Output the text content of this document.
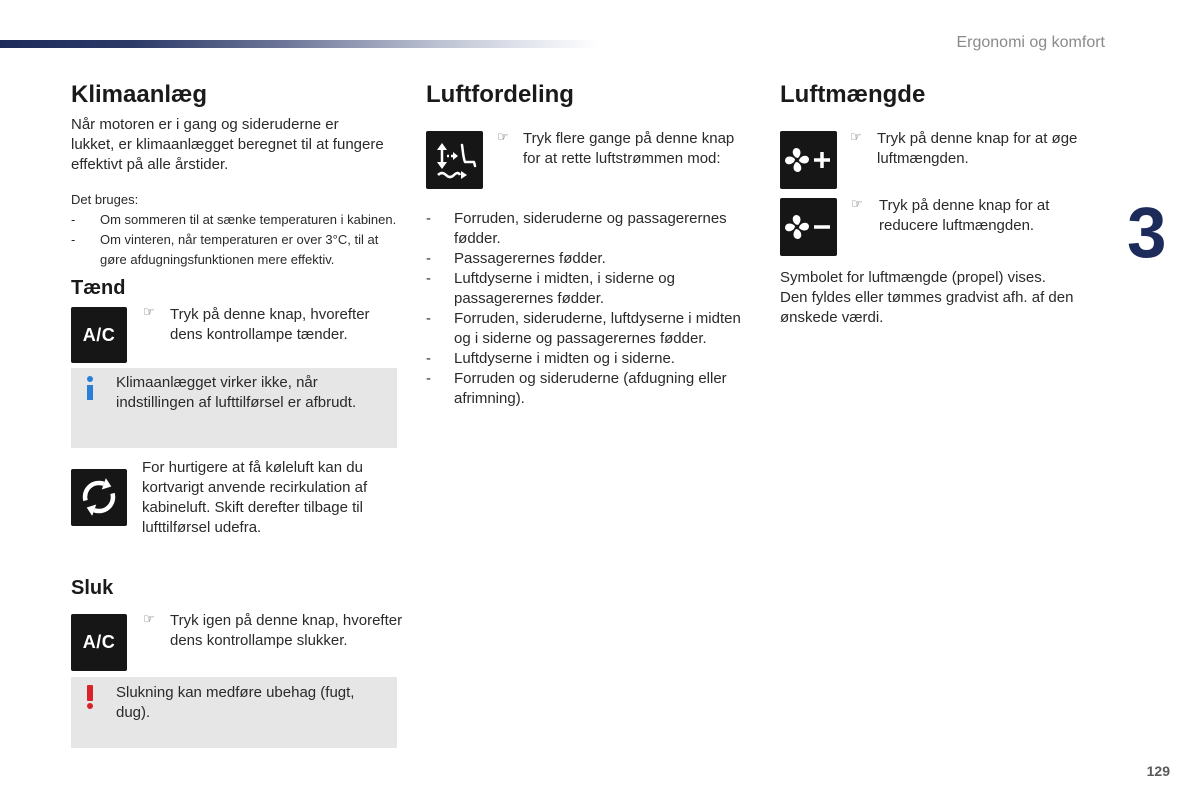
Ergonomi og komfort
3
129
Klimaanlæg
Når motoren er i gang og sideruderne er
lukket, er klimaanlægget beregnet til at fungere
effektivt på alle årstider.
Det bruges:
-	Om sommeren til at sænke temperaturen i kabinen.
-	Om vinteren, når temperaturen er over 3°C, til at
gøre afdugningsfunktionen mere effektiv.
Tænd
A/C
☞ Tryk på denne knap, hvorefter
dens kontrollampe tænder.
Klimaanlægget virker ikke, når
indstillingen af lufttilførsel er afbrudt.
For hurtigere at få køleluft kan du
kortvarigt anvende recirkulation af
kabineluft. Skift derefter tilbage til
lufttilførsel udefra.
Sluk
A/C
☞ Tryk igen på denne knap, hvorefter
dens kontrollampe slukker.
Slukning kan medføre ubehag (fugt,
dug).
Luftfordeling
☞ Tryk flere gange på denne knap
for at rette luftstrømmen mod:
-	Forruden, sideruderne og passagerernes
fødder.
-	Passagerernes fødder.
-	Luftdyserne i midten, i siderne og
passagerernes fødder.
-	Forruden, sideruderne, luftdyserne i midten
og i siderne og passagerernes fødder.
-	Luftdyserne i midten og i siderne.
-	Forruden og sideruderne (afdugning eller
afrimning).
Luftmængde
☞ Tryk på denne knap for at øge
luftmængden.
☞ Tryk på denne knap for at
reducere luftmængden.
Symbolet for luftmængde (propel) vises.
Den fyldes eller tømmes gradvist afh. af den
ønskede værdi.
